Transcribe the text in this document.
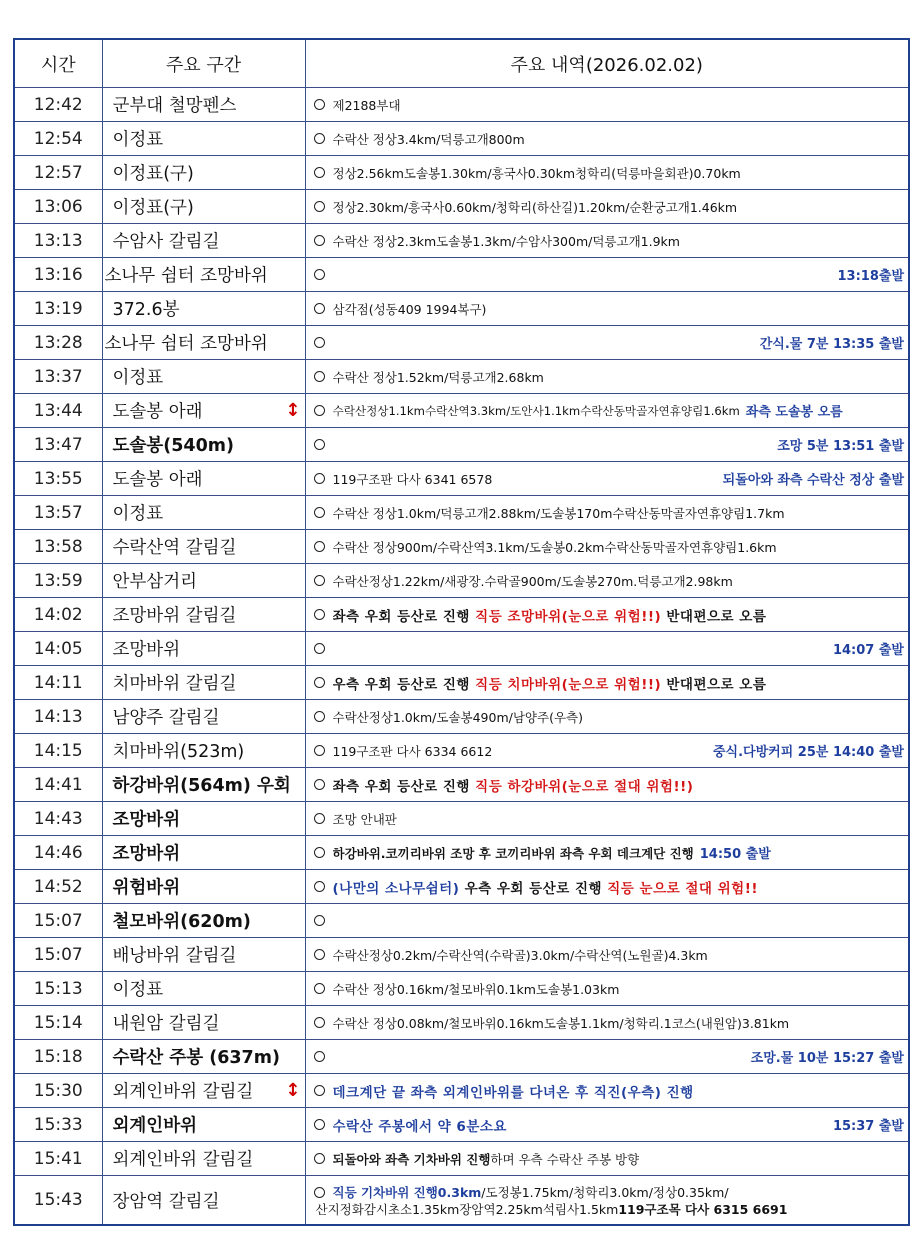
시간	주요 구간	주요 내역(2026.02.02)
12:42	군부대 철망펜스	제2188부대

12:54	이정표	수락산 정상3.4km/덕릉고개800m

12:57	이정표(구)	정상2.56km도솔봉1.30km/흥국사0.30km청학리(덕릉마을회관)0.70km

13:06	이정표(구)	정상2.30km/흥국사0.60km/청학리(하산길)1.20km/순환궁고개1.46km

13:13	수암사 갈림길	수락산 정상2.3km도솔봉1.3km/수암사300m/덕릉고개1.9km

13:16	소나무 쉼터 조망바위	13:18출발

13:19	372.6봉	삼각점(성동409 1994복구)

13:28	소나무 쉼터 조망바위	간식.물 7분 13:35 출발

13:37	이정표	수락산 정상1.52km/덕릉고개2.68km

13:44	도솔봉 아래 ↕	수락산정상1.1km수락산역3.3km/도안사1.1km수락산동막골자연휴양림1.6km 좌측 도솔봉 오름

13:47	도솔봉(540m)	조망 5분 13:51 출발

13:55	도솔봉 아래	119구조판 다사 6341 6578 되돌아와 좌측 수락산 정상 출발

13:57	이정표	수락산 정상1.0km/덕릉고개2.88km/도솔봉170m수락산동막골자연휴양림1.7km

13:58	수락산역 갈림길	수락산 정상900m/수락산역3.1km/도솔봉0.2km수락산동막골자연휴양림1.6km

13:59	안부삼거리	수락산정상1.22km/새광장.수락골900m/도솔봉270m.덕릉고개2.98km

14:02	조망바위 갈림길	좌측 우회 등산로 진행 직등 조망바위(눈으로 위험!!) 반대편으로 오름

14:05	조망바위	14:07 출발

14:11	치마바위 갈림길	우측 우회 등산로 진행 직등 치마바위(눈으로 위험!!) 반대편으로 오름

14:13	남양주 갈림길	수락산정상1.0km/도솔봉490m/남양주(우측)

14:15	치마바위(523m)	119구조판 다사 6334 6612 중식.다방커피 25분 14:40 출발

14:41	하강바위(564m) 우회	좌측 우회 등산로 진행 직등 하강바위(눈으로 절대 위험!!)

14:43	조망바위	조망 안내판

14:46	조망바위	하강바위.코끼리바위 조망 후 코끼리바위 좌측 우회 데크계단 진행 14:50 출발

14:52	위험바위	(나만의 소나무쉼터) 우측 우회 등산로 진행 직등 눈으로 절대 위험!!

15:07	철모바위(620m)	

15:07	배낭바위 갈림길	수락산정상0.2km/수락산역(수락골)3.0km/수락산역(노원골)4.3km

15:13	이정표	수락산 정상0.16km/철모바위0.1km도솔봉1.03km

15:14	내원암 갈림길	수락산 정상0.08km/철모바위0.16km도솔봉1.1km/청학리.1코스(내원암)3.81km

15:18	수락산 주봉 (637m)	조망.물 10분 15:27 출발

15:30	외계인바위 갈림길 ↕	데크계단 끝 좌측 외계인바위를 다녀온 후 직진(우측) 진행

15:33	외계인바위	수락산 주봉에서 약 6분소요 15:37 출발

15:41	외계인바위 갈림길	되돌아와 좌측 기차바위 진행하며 우측 수락산 주봉 방향

15:43	장암역 갈림길	직등 기차바위 진행0.3km /도정봉1.75km/청학리3.0km/정상0.35km/
산지정화감시초소1.35km장암역2.25km석림사1.5km 119구조목 다사 6315 6691
